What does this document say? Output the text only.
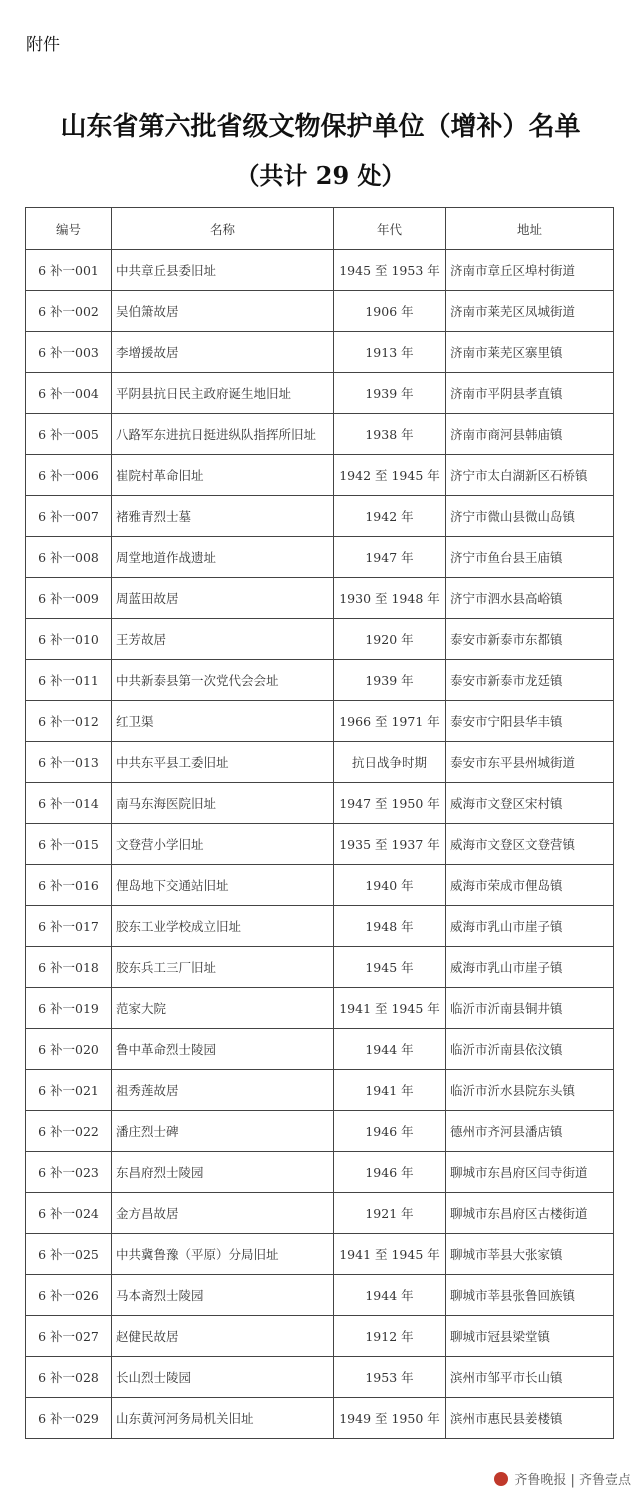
附件
山东省第六批省级文物保护单位（增补）名单
（共计 29 处）
编号	名称	年代	地址
6 补一001	中共章丘县委旧址	1945 至 1953 年	济南市章丘区埠村街道
6 补一002	吴伯箫故居	1906 年	济南市莱芜区凤城街道
6 补一003	李增援故居	1913 年	济南市莱芜区寨里镇
6 补一004	平阴县抗日民主政府诞生地旧址	1939 年	济南市平阴县孝直镇
6 补一005	八路军东进抗日挺进纵队指挥所旧址	1938 年	济南市商河县韩庙镇
6 补一006	崔院村革命旧址	1942 至 1945 年	济宁市太白湖新区石桥镇
6 补一007	褚雅青烈士墓	1942 年	济宁市微山县微山岛镇
6 补一008	周堂地道作战遗址	1947 年	济宁市鱼台县王庙镇
6 补一009	周蓝田故居	1930 至 1948 年	济宁市泗水县高峪镇
6 补一010	王芳故居	1920 年	泰安市新泰市东都镇
6 补一011	中共新泰县第一次党代会会址	1939 年	泰安市新泰市龙廷镇
6 补一012	红卫渠	1966 至 1971 年	泰安市宁阳县华丰镇
6 补一013	中共东平县工委旧址	抗日战争时期	泰安市东平县州城街道
6 补一014	南马东海医院旧址	1947 至 1950 年	威海市文登区宋村镇
6 补一015	文登营小学旧址	1935 至 1937 年	威海市文登区文登营镇
6 补一016	俚岛地下交通站旧址	1940 年	威海市荣成市俚岛镇
6 补一017	胶东工业学校成立旧址	1948 年	威海市乳山市崖子镇
6 补一018	胶东兵工三厂旧址	1945 年	威海市乳山市崖子镇
6 补一019	范家大院	1941 至 1945 年	临沂市沂南县铜井镇
6 补一020	鲁中革命烈士陵园	1944 年	临沂市沂南县依汶镇
6 补一021	祖秀莲故居	1941 年	临沂市沂水县院东头镇
6 补一022	潘庄烈士碑	1946 年	德州市齐河县潘店镇
6 补一023	东昌府烈士陵园	1946 年	聊城市东昌府区闫寺街道
6 补一024	金方昌故居	1921 年	聊城市东昌府区古楼街道
6 补一025	中共冀鲁豫（平原）分局旧址	1941 至 1945 年	聊城市莘县大张家镇
6 补一026	马本斋烈士陵园	1944 年	聊城市莘县张鲁回族镇
6 补一027	赵健民故居	1912 年	聊城市冠县梁堂镇
6 补一028	长山烈士陵园	1953 年	滨州市邹平市长山镇
6 补一029	山东黄河河务局机关旧址	1949 至 1950 年	滨州市惠民县姜楼镇
齐鲁晚报 | 齐鲁壹点
